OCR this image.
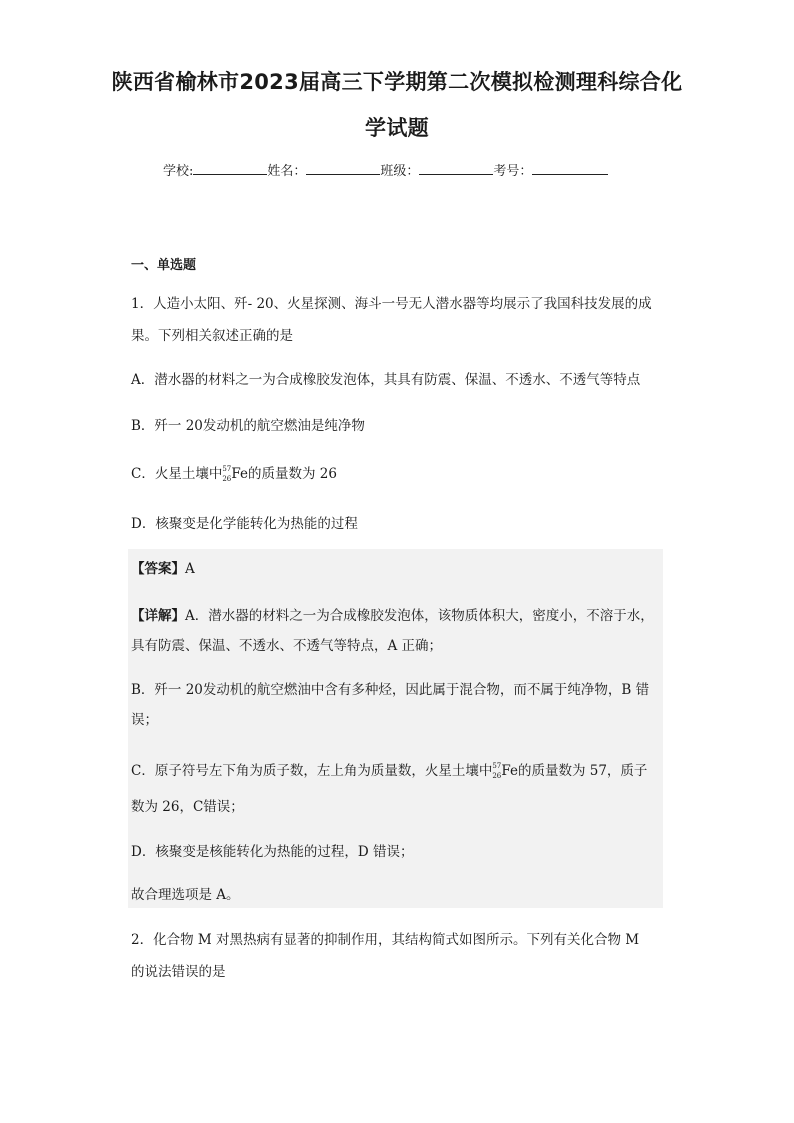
陕西省榆林市2023届高三下学期第二次模拟检测理科综合化
学试题
学校:	姓名：	班级：	考号：
一、单选题
1．人造小太阳、歼- 20、火星探测、海斗一号无人潜水器等均展示了我国科技发展的成
果。下列相关叙述正确的是
A．潜水器的材料之一为合成橡胶发泡体，其具有防震、保温、不透水、不透气等特点
B．歼一 20发动机的航空燃油是纯净物
C．火星土壤中 57
26 Fe的质量数为 26
D．核聚变是化学能转化为热能的过程
【答案】A
【详解】A．潜水器的材料之一为合成橡胶发泡体，该物质体积大，密度小，不溶于水，
具有防震、保温、不透水、不透气等特点，A 正确；
B．歼一 20发动机的航空燃油中含有多种烃，因此属于混合物，而不属于纯净物，B 错
误；
C．原子符号左下角为质子数，左上角为质量数，火星土壤中 57
26 Fe的质量数为 57，质子
数为 26，C错误；
D．核聚变是核能转化为热能的过程，D 错误；
故合理选项是 A。
2．化合物 M 对黑热病有显著的抑制作用，其结构简式如图所示。下列有关化合物 M
的说法错误的是
